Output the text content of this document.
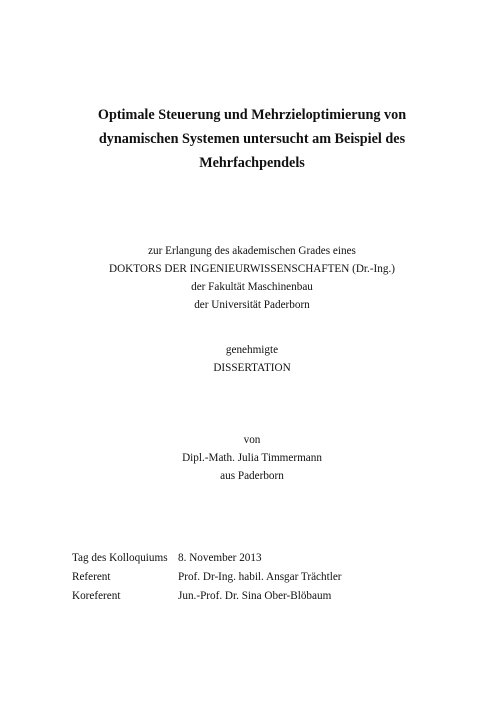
Optimale Steuerung und Mehrzieloptimierung von
dynamischen Systemen untersucht am Beispiel des
Mehrfachpendels
zur Erlangung des akademischen Grades eines
DOKTORS DER INGENIEURWISSENSCHAFTEN (Dr.-Ing.)
der Fakultät Maschinenbau
der Universität Paderborn
genehmigte
DISSERTATION
von
Dipl.-Math. Julia Timmermann
aus Paderborn
Tag des Kolloquiums 8. November 2013
Referent	Prof. Dr-Ing. habil. Ansgar Trächtler
Koreferent	Jun.-Prof. Dr. Sina Ober-Blöbaum
